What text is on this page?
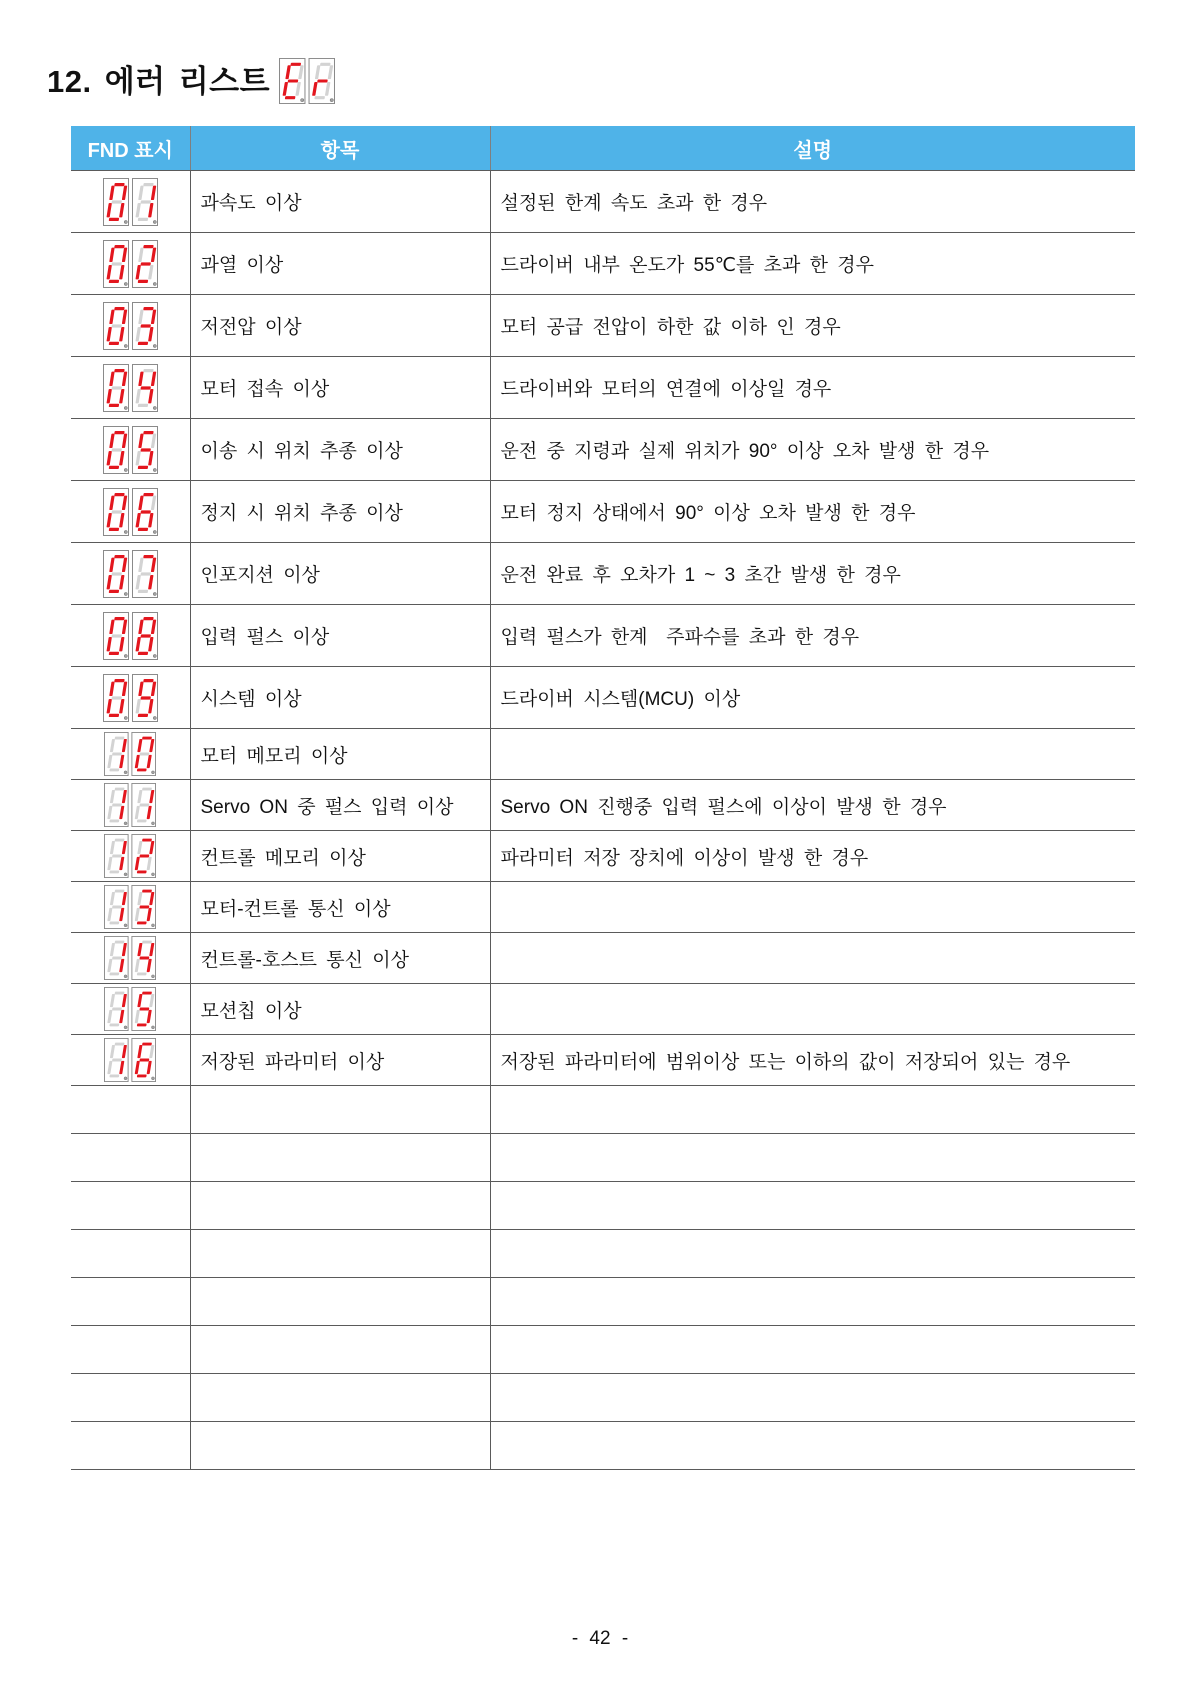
12. 에러 리스트
FND 표시	항목	설명
	과속도 이상	설정된 한계 속도 초과 한 경우
	과열 이상	드라이버 내부 온도가 55℃를 초과 한 경우
	저전압 이상	모터 공급 전압이 하한 값 이하 인 경우
	모터 접속 이상	드라이버와 모터의 연결에 이상일 경우
	이송 시 위치 추종 이상	운전 중 지령과 실제 위치가 90° 이상 오차 발생 한 경우
	정지 시 위치 추종 이상	모터 정지 상태에서 90° 이상 오차 발생 한 경우
	인포지션 이상	운전 완료 후 오차가 1 ~ 3 초간 발생 한 경우
	입력 펄스 이상	입력 펄스가 한계  주파수를 초과 한 경우
	시스템 이상	드라이버 시스템(MCU) 이상
	모터 메모리 이상	
	Servo ON 중 펄스 입력 이상	Servo ON 진행중 입력 펄스에 이상이 발생 한 경우
	컨트롤 메모리 이상	파라미터 저장 장치에 이상이 발생 한 경우
	모터-컨트롤 통신 이상	
	컨트롤-호스트 통신 이상	
	모션칩 이상	
	저장된 파라미터 이상	저장된 파라미터에 범위이상 또는 이하의 값이 저장되어 있는 경우

- 42 -
